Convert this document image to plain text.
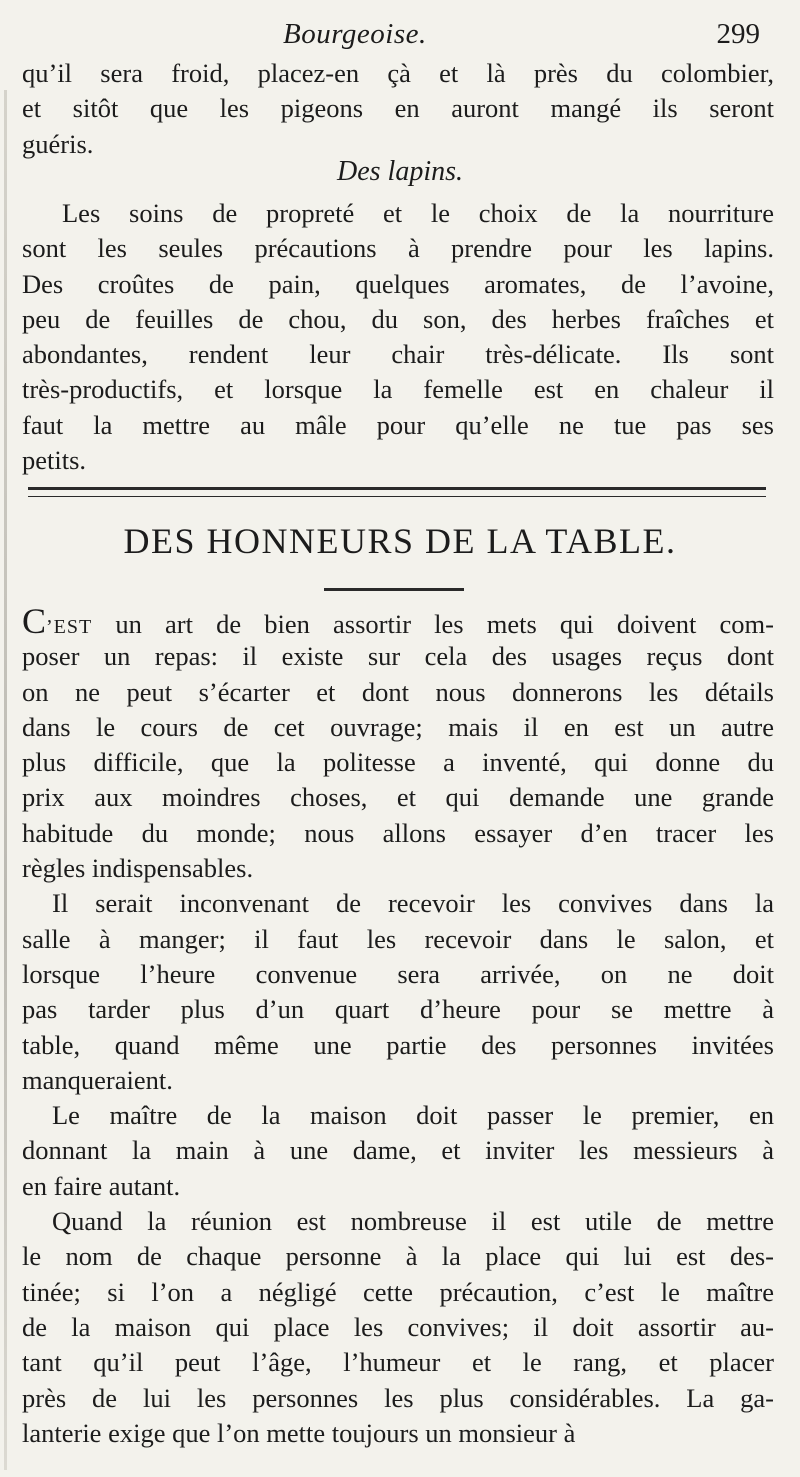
Bourgeoise.	299
qu’il sera froid, placez-en çà et là près du colombier,
et sitôt que les pigeons en auront mangé ils seront
guéris.
Des lapins.
Les soins de propreté et le choix de la nourriture
sont les seules précautions à prendre pour les lapins.
Des croûtes de pain, quelques aromates, de l’avoine,
peu de feuilles de chou, du son, des herbes fraîches et
abondantes, rendent leur chair très-délicate. Ils sont
très-productifs, et lorsque la femelle est en chaleur il
faut la mettre au mâle pour qu’elle ne tue pas ses
petits.
DES HONNEURS DE LA TABLE.
C’EST un art de bien assortir les mets qui doivent com-
poser un repas: il existe sur cela des usages reçus dont
on ne peut s’écarter et dont nous donnerons les détails
dans le cours de cet ouvrage; mais il en est un autre
plus difficile, que la politesse a inventé, qui donne du
prix aux moindres choses, et qui demande une grande
habitude du monde; nous allons essayer d’en tracer les
règles indispensables.
Il serait inconvenant de recevoir les convives dans la
salle à manger; il faut les recevoir dans le salon, et
lorsque l’heure convenue sera arrivée, on ne doit
pas tarder plus d’un quart d’heure pour se mettre à
table, quand même une partie des personnes invitées
manqueraient.
Le maître de la maison doit passer le premier, en
donnant la main à une dame, et inviter les messieurs à
en faire autant.
Quand la réunion est nombreuse il est utile de mettre
le nom de chaque personne à la place qui lui est des-
tinée; si l’on a négligé cette précaution, c’est le maître
de la maison qui place les convives; il doit assortir au-
tant qu’il peut l’âge, l’humeur et le rang, et placer
près de lui les personnes les plus considérables. La ga-
lanterie exige que l’on mette toujours un monsieur à
